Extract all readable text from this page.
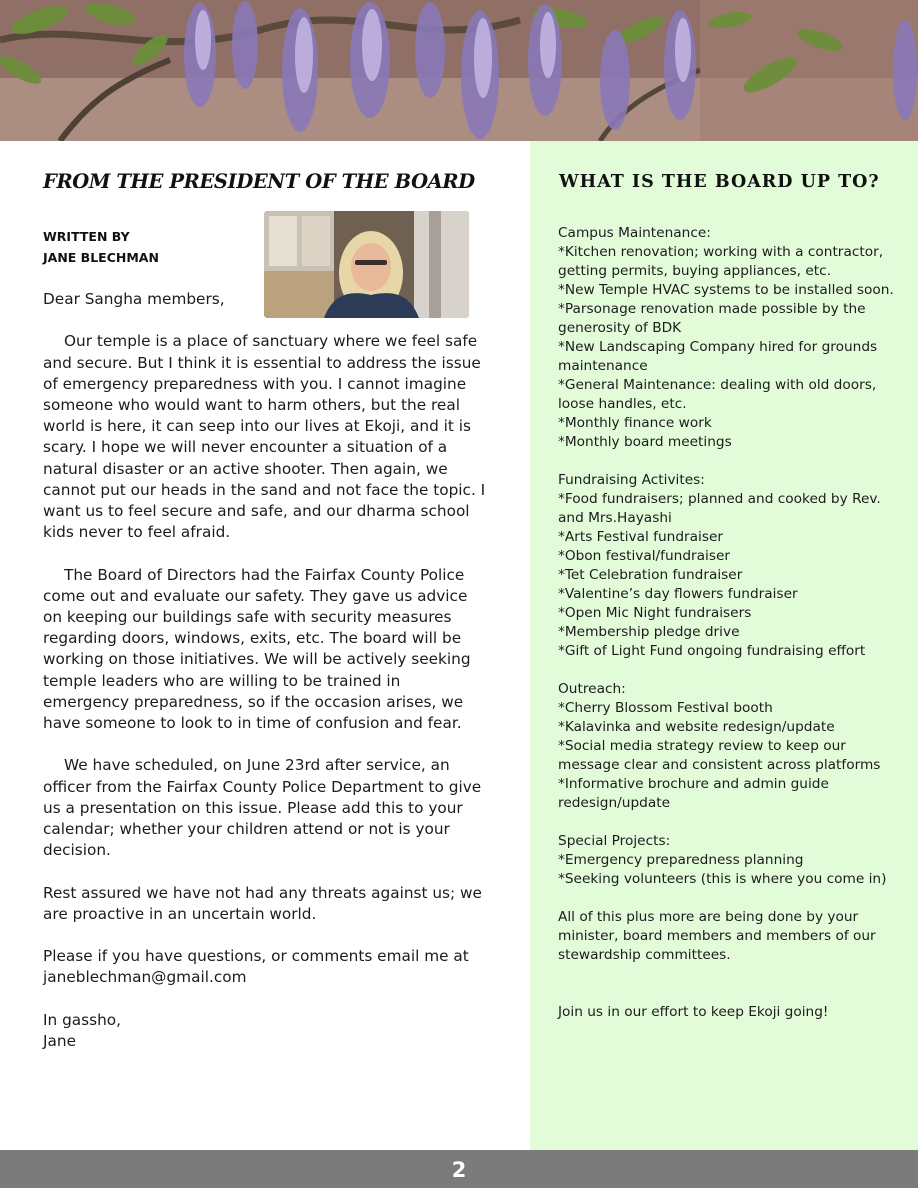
FROM THE PRESIDENT OF THE BOARD
WRITTEN BY
JANE BLECHMAN

Dear Sangha members,

Our temple is a place of sanctuary where we feel safe and secure. But I think it is essential to address the issue of emergency preparedness with you. I cannot imagine someone who would want to harm others, but the real world is here, it can seep into our lives at Ekoji, and it is scary. I hope we will never encounter a situation of a natural disaster or an active shooter. Then again, we cannot put our heads in the sand and not face the topic. I want us to feel secure and safe, and our dharma school kids never to feel afraid.

The Board of Directors had the Fairfax County Police come out and evaluate our safety. They gave us advice on keeping our buildings safe with security measures regarding doors, windows, exits, etc. The board will be working on those initiatives. We will be actively seeking temple leaders who are willing to be trained in emergency preparedness, so if the occasion arises, we have someone to look to in time of confusion and fear.

We have scheduled, on June 23rd after service, an officer from the Fairfax County Police Department to give us a presentation on this issue. Please add this to your calendar; whether your children attend or not is your decision.

Rest assured we have not had any threats against us; we are proactive in an uncertain world.

Please if you have questions, or comments email me at janeblechman@gmail.com

In gassho,
Jane
WHAT IS THE BOARD UP TO?
Campus Maintenance:
*Kitchen renovation; working with a contractor, getting permits, buying appliances, etc.
*New Temple HVAC systems to be installed soon.
*Parsonage renovation made possible by the generosity of BDK
*New Landscaping Company hired for grounds maintenance
*General Maintenance: dealing with old doors, loose handles, etc.
*Monthly finance work
*Monthly board meetings
Fundraising Activites:
*Food fundraisers; planned and cooked by Rev. and Mrs.Hayashi
*Arts Festival fundraiser
*Obon festival/fundraiser
*Tet Celebration fundraiser
*Valentine’s day flowers fundraiser
*Open Mic Night fundraisers
*Membership pledge drive
*Gift of Light Fund ongoing fundraising effort
Outreach:
*Cherry Blossom Festival booth
*Kalavinka and website redesign/update
*Social media strategy review to keep our message clear and consistent across platforms
*Informative brochure and admin guide redesign/update
Special Projects:
*Emergency preparedness planning
*Seeking volunteers (this is where you come in)
All of this plus more are being done by your minister, board members and members of our stewardship committees.
Join us in our effort to keep Ekoji going!
2
